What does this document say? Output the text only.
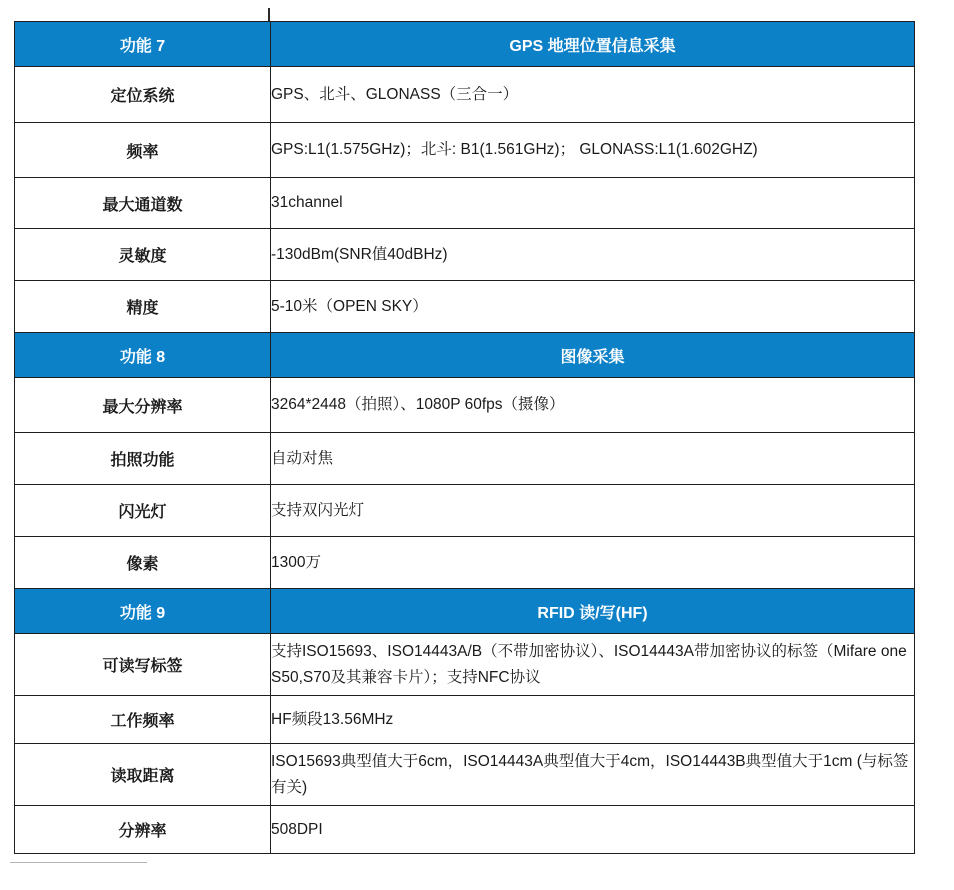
功能 7	GPS 地理位置信息采集
定位系统	GPS、北斗、GLONASS（三合一）
频率	GPS:L1(1.575GHz)；北斗: B1(1.561GHz)； GLONASS:L1(1.602GHZ)
最大通道数	31channel
灵敏度	-130dBm(SNR值40dBHz)
精度	5-10米（OPEN SKY）
功能 8	图像采集
最大分辨率	3264*2448（拍照）、1080P 60fps（摄像）
拍照功能	自动对焦
闪光灯	支持双闪光灯
像素	1300万
功能 9	RFID 读/写(HF)
可读写标签	支持ISO15693、ISO14443A/B（不带加密协议）、ISO14443A带加密协议的标签（Mifare one S50,S70及其兼容卡片）；支持NFC协议
工作频率	HF频段13.56MHz
读取距离	ISO15693典型值大于6cm，ISO14443A典型值大于4cm，ISO14443B典型值大于1cm (与标签有关)
分辨率	508DPI
